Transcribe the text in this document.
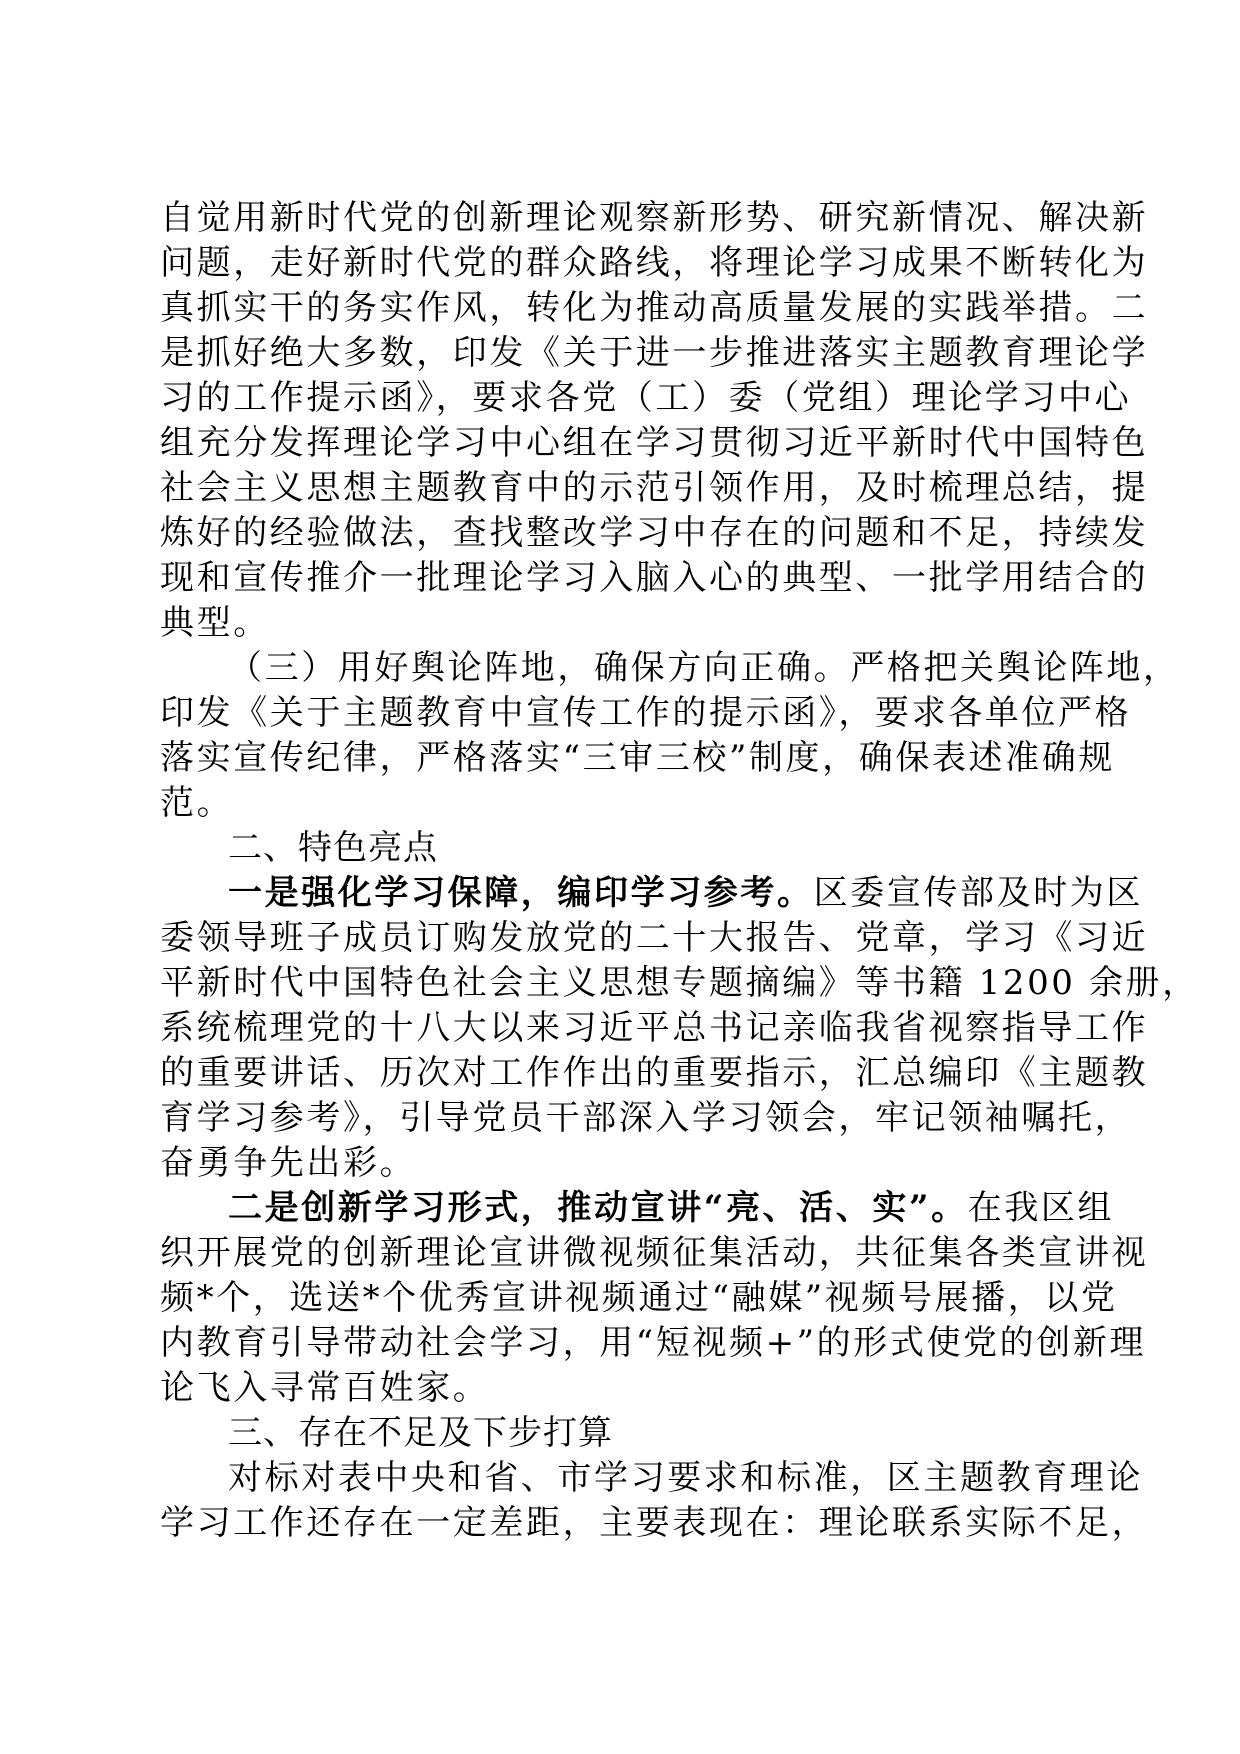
自觉用新时代党的创新理论观察新形势、研究新情况、解决新
问题，走好新时代党的群众路线，将理论学习成果不断转化为
真抓实干的务实作风，转化为推动高质量发展的实践举措。二
是抓好绝大多数，印发《关于进一步推进落实主题教育理论学
习的工作提示函》，要求各党（工）委（党组）理论学习中心
组充分发挥理论学习中心组在学习贯彻习近平新时代中国特色
社会主义思想主题教育中的示范引领作用，及时梳理总结，提
炼好的经验做法，查找整改学习中存在的问题和不足，持续发
现和宣传推介一批理论学习入脑入心的典型、一批学用结合的
典型。
（三）用好舆论阵地，确保方向正确。严格把关舆论阵地，
印发《关于主题教育中宣传工作的提示函》，要求各单位严格
落实宣传纪律，严格落实“三审三校”制度，确保表述准确规
范。
二、特色亮点
一是强化学习保障，编印学习参考。区委宣传部及时为区
委领导班子成员订购发放党的二十大报告、党章，学习《习近
平新时代中国特色社会主义思想专题摘编》等书籍 1200 余册，
系统梳理党的十八大以来习近平总书记亲临我省视察指导工作
的重要讲话、历次对工作作出的重要指示，汇总编印《主题教
育学习参考》，引导党员干部深入学习领会，牢记领袖嘱托，
奋勇争先出彩。
二是创新学习形式，推动宣讲“亮、活、实”。在我区组
织开展党的创新理论宣讲微视频征集活动，共征集各类宣讲视
频*个，选送*个优秀宣讲视频通过“融媒”视频号展播，以党
内教育引导带动社会学习，用“短视频+”的形式使党的创新理
论飞入寻常百姓家。
三、存在不足及下步打算
对标对表中央和省、市学习要求和标准，区主题教育理论
学习工作还存在一定差距，主要表现在：理论联系实际不足，
